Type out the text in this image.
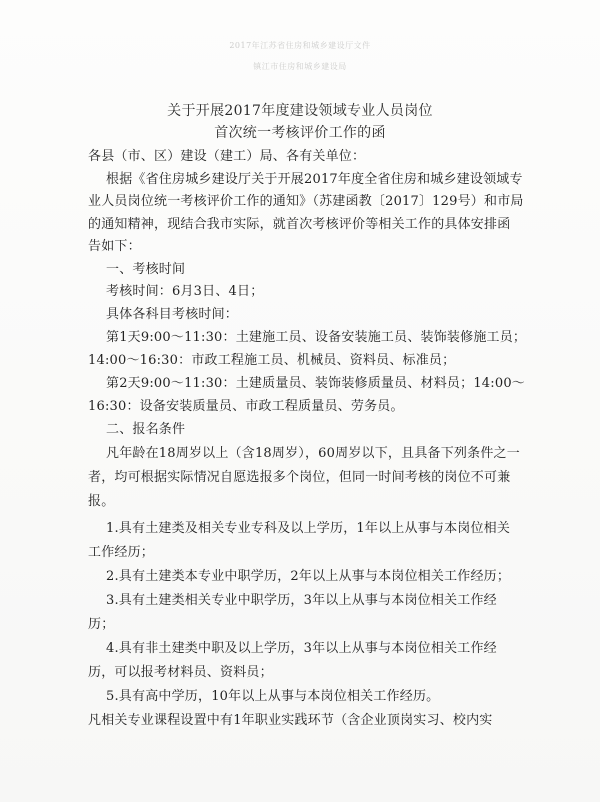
2017年江苏省住房和城乡建设厅文件
镇江市住房和城乡建设局
关于开展2017年度建设领域专业人员岗位
首次统一考核评价工作的函
各县（市、区）建设（建工）局、各有关单位：
根据《省住房城乡建设厅关于开展2017年度全省住房和城乡建设领域专
业人员岗位统一考核评价工作的通知》（苏建函教〔2017〕129号）和市局
的通知精神，现结合我市实际，就首次考核评价等相关工作的具体安排函
告如下：
一、考核时间
考核时间：6月3日、4日；
具体各科目考核时间：
第1天9:00～11:30：土建施工员、设备安装施工员、装饰装修施工员；
14:00～16:30：市政工程施工员、机械员、资料员、标准员；
第2天9:00～11:30：土建质量员、装饰装修质量员、材料员；14:00～
16:30：设备安装质量员、市政工程质量员、劳务员。
二、报名条件
凡年龄在18周岁以上（含18周岁），60周岁以下，且具备下列条件之一
者，均可根据实际情况自愿选报多个岗位，但同一时间考核的岗位不可兼
报。
1.具有土建类及相关专业专科及以上学历，1年以上从事与本岗位相关
工作经历；
2.具有土建类本专业中职学历，2年以上从事与本岗位相关工作经历；
3.具有土建类相关专业中职学历，3年以上从事与本岗位相关工作经
历；
4.具有非土建类中职及以上学历，3年以上从事与本岗位相关工作经
历，可以报考材料员、资料员；
5.具有高中学历，10年以上从事与本岗位相关工作经历。
凡相关专业课程设置中有1年职业实践环节（含企业顶岗实习、校内实
